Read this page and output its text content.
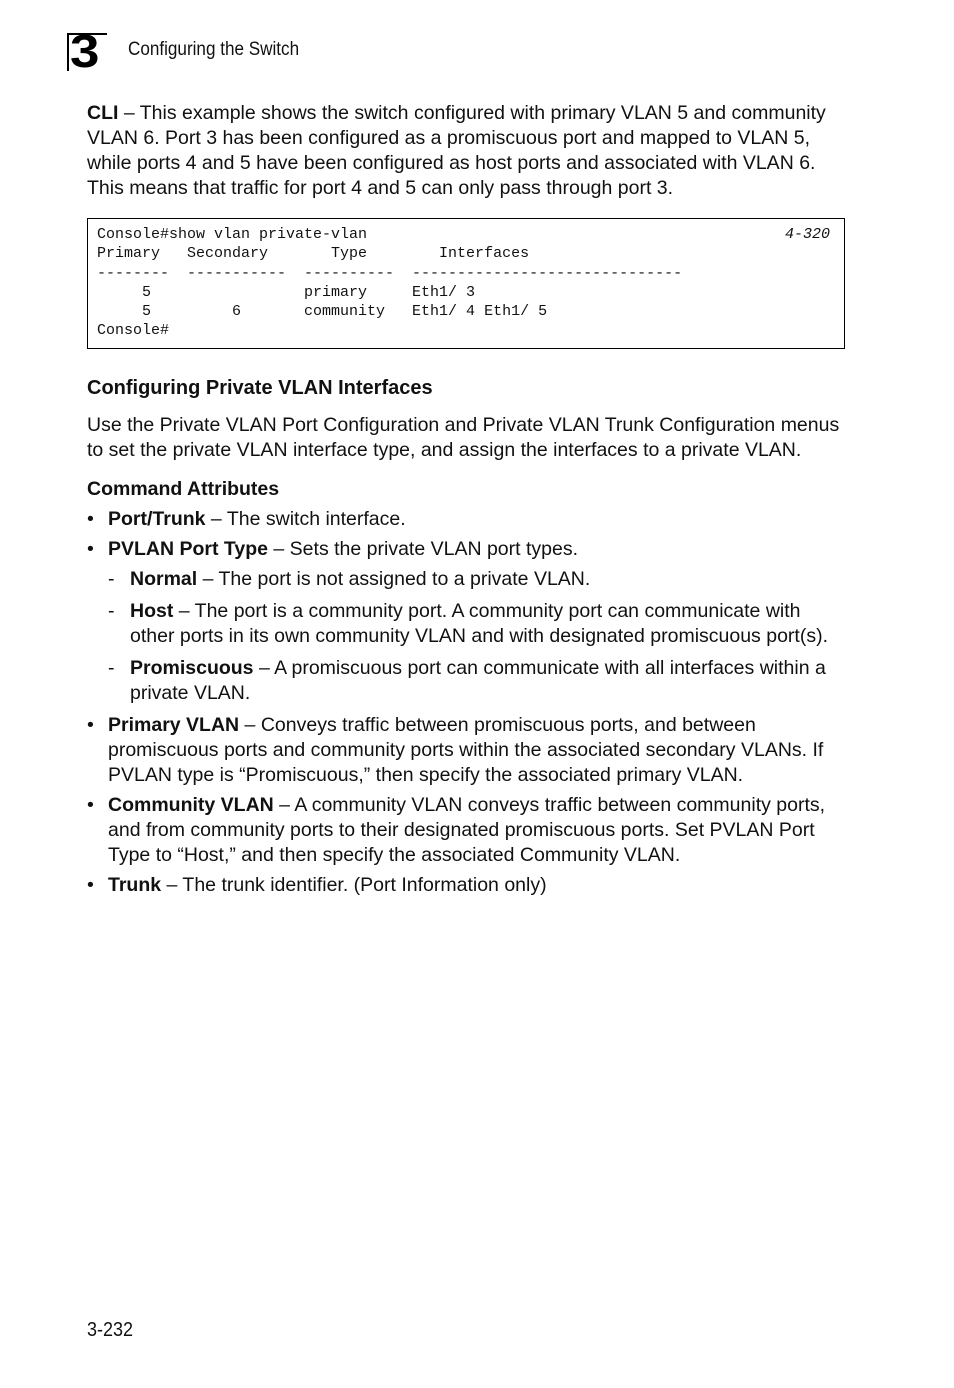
3 Configuring the Switch

CLI – This example shows the switch configured with primary VLAN 5 and community VLAN 6. Port 3 has been configured as a promiscuous port and mapped to VLAN 5, while ports 4 and 5 have been configured as host ports and associated with VLAN 6. This means that traffic for port 4 and 5 can only pass through port 3.

4-320
Console#show vlan private-vlan
Primary   Secondary       Type        Interfaces
--------  -----------  ----------  ------------------------------
5                 primary     Eth1/ 3
5         6       community   Eth1/ 4 Eth1/ 5
Console#
Configuring Private VLAN Interfaces

Use the Private VLAN Port Configuration and Private VLAN Trunk Configuration menus to set the private VLAN interface type, and assign the interfaces to a private VLAN.

Command Attributes
• Port/Trunk – The switch interface.
• PVLAN Port Type – Sets the private VLAN port types.
- Normal – The port is not assigned to a private VLAN.
- Host – The port is a community port. A community port can communicate with other ports in its own community VLAN and with designated promiscuous port(s).
- Promiscuous – A promiscuous port can communicate with all interfaces within a private VLAN.
• Primary VLAN – Conveys traffic between promiscuous ports, and between promiscuous ports and community ports within the associated secondary VLANs. If PVLAN type is “Promiscuous,” then specify the associated primary VLAN.
• Community VLAN – A community VLAN conveys traffic between community ports, and from community ports to their designated promiscuous ports. Set PVLAN Port Type to “Host,” and then specify the associated Community VLAN.
• Trunk – The trunk identifier. (Port Information only)
3-232
